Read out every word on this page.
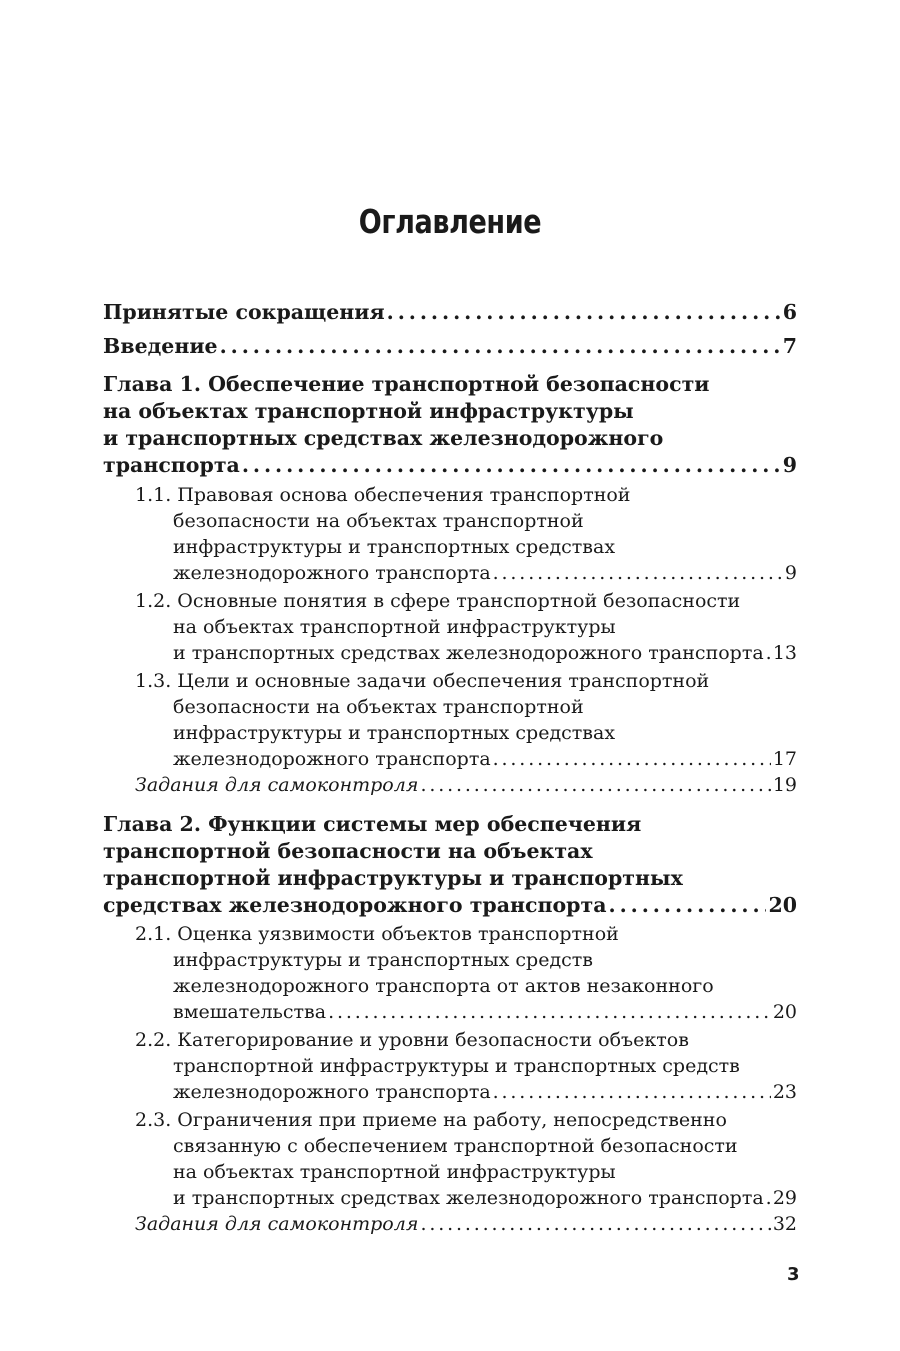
Оглавление
Принятые сокращения . . .	6
Введение . . .	7
Глава 1. Обеспечение транспортной безопасности
на объектах транспортной инфраструктуры
и транспортных средствах железнодорожного
транспорта . . .	9
1.1. Правовая основа обеспечения транспортной
безопасности на объектах транспортной
инфраструктуры и транспортных средствах
железнодорожного транспорта . . .	9
1.2. Основные понятия в сфере транспортной безопасности
на объектах транспортной инфраструктуры
и транспортных средствах железнодорожного транспорта . . . 13
1.3. Цели и основные задачи обеспечения транспортной
безопасности на объектах транспортной
инфраструктуры и транспортных средствах
железнодорожного транспорта . . .	17
Задания для самоконтроля . . .	19
Глава 2. Функции системы мер обеспечения
транспортной безопасности на объектах
транспортной инфраструктуры и транспортных
средствах железнодорожного транспорта . . .	20
2.1. Оценка уязвимости объектов транспортной
инфраструктуры и транспортных средств
железнодорожного транспорта от актов незаконного
вмешательства . . .	20
2.2. Категорирование и уровни безопасности объектов
транспортной инфраструктуры и транспортных средств
железнодорожного транспорта . . .	23
2.3. Ограничения при приеме на работу, непосредственно
связанную с обеспечением транспортной безопасности
на объектах транспортной инфраструктуры
и транспортных средствах железнодорожного транспорта . . . 29
Задания для самоконтроля . . .	32
3
